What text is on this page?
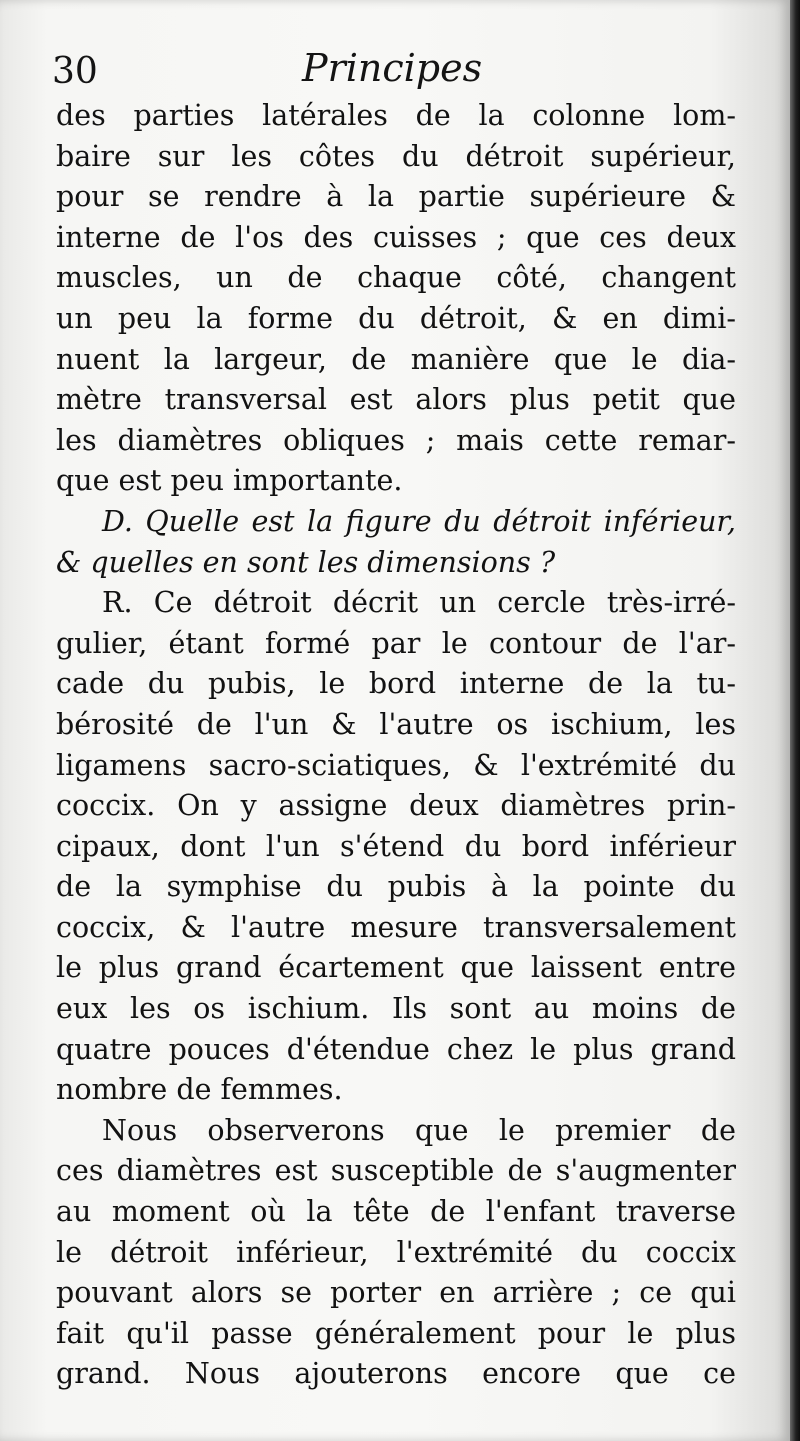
30	Principes
des parties latérales de la colonne lom-
baire sur les côtes du détroit supérieur,
pour se rendre à la partie supérieure &
interne de l'os des cuisses ; que ces deux
muscles, un de chaque côté, changent
un peu la forme du détroit, & en dimi-
nuent la largeur, de manière que le dia-
mètre transversal est alors plus petit que
les diamètres obliques ; mais cette remar-
que est peu importante.
D. Quelle est la figure du détroit inférieur,
& quelles en sont les dimensions ?
R. Ce détroit décrit un cercle très-irré-
gulier, étant formé par le contour de l'ar-
cade du pubis, le bord interne de la tu-
bérosité de l'un & l'autre os ischium, les
ligamens sacro-sciatiques, & l'extrémité du
coccix. On y assigne deux diamètres prin-
cipaux, dont l'un s'étend du bord inférieur
de la symphise du pubis à la pointe du
coccix, & l'autre mesure transversalement
le plus grand écartement que laissent entre
eux les os ischium. Ils sont au moins de
quatre pouces d'étendue chez le plus grand
nombre de femmes.
Nous observerons que le premier de
ces diamètres est susceptible de s'augmenter
au moment où la tête de l'enfant traverse
le détroit inférieur, l'extrémité du coccix
pouvant alors se porter en arrière ; ce qui
fait qu'il passe généralement pour le plus
grand. Nous ajouterons encore que ce
